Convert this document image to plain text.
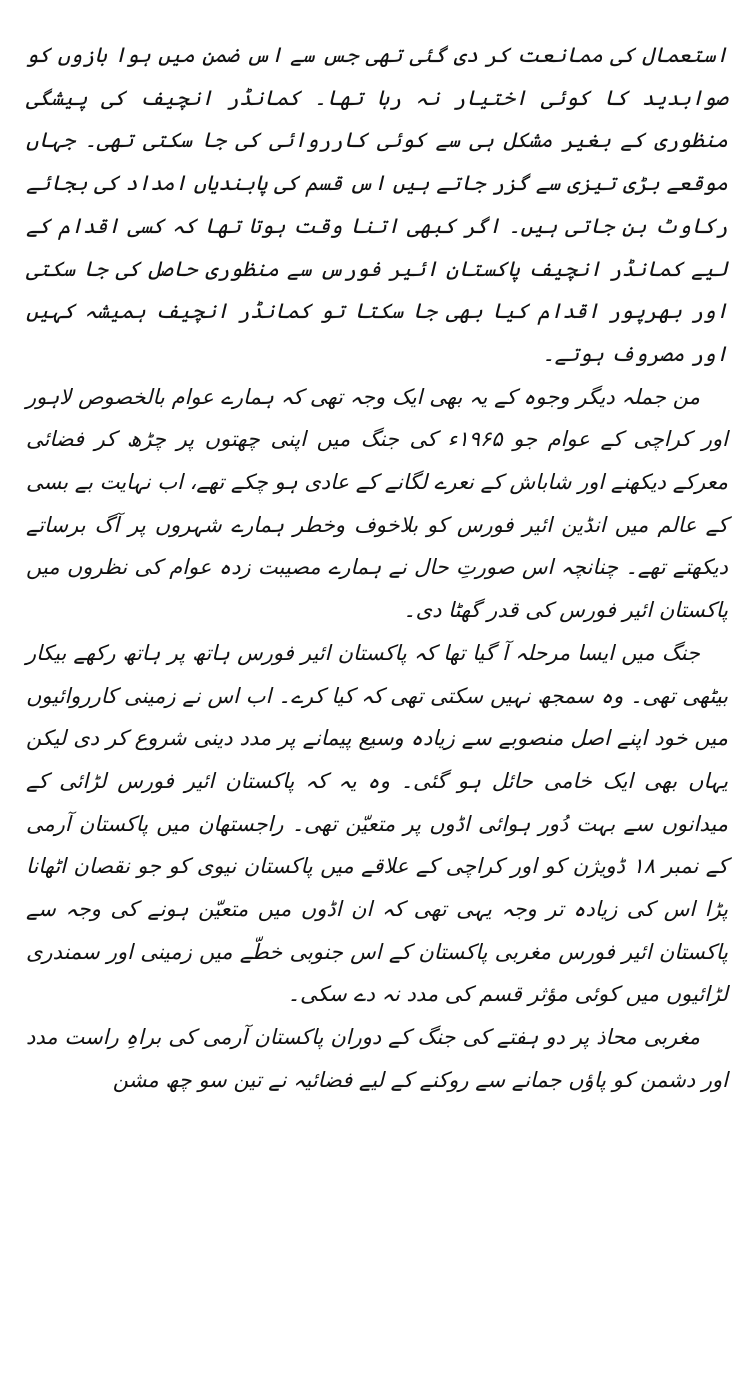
استعمال کی ممانعت کر دی گئی تھی جس سے اس ضمن میں ہوا بازوں کو صوابدید کا کوئی اختیار نہ رہا تھا۔ کمانڈر انچیف کی پیشگی منظوری کے بغیر مشکل ہی سے کوئی کارروائی کی جا سکتی تھی۔ جہاں موقعے بڑی تیزی سے گزر جاتے ہیں اس قسم کی پابندیاں امداد کی بجائے رکاوٹ بن جاتی ہیں۔ اگر کبھی اتنا وقت ہوتا تھا کہ کسی اقدام کے لیے کمانڈر انچیف پاکستان ائیر فورس سے منظوری حاصل کی جا سکتی اور بھرپور اقدام کیا بھی جا سکتا تو کمانڈر انچیف ہمیشہ کہیں اور مصروف ہوتے۔

من جملہ دیگر وجوہ کے یہ بھی ایک وجہ تھی کہ ہمارے عوام بالخصوص لاہور اور کراچی کے عوام جو ۱۹۶۵ء کی جنگ میں اپنی چھتوں پر چڑھ کر فضائی معرکے دیکھنے اور شاباش کے نعرے لگانے کے عادی ہو چکے تھے، اب نہایت بے بسی کے عالم میں انڈین ائیر فورس کو بلاخوف وخطر ہمارے شہروں پر آگ برساتے دیکھتے تھے۔ چنانچہ اس صورتِ حال نے ہمارے مصیبت زدہ عوام کی نظروں میں پاکستان ائیر فورس کی قدر گھٹا دی۔

جنگ میں ایسا مرحلہ آ گیا تھا کہ پاکستان ائیر فورس ہاتھ پر ہاتھ رکھے بیکار بیٹھی تھی۔ وہ سمجھ نہیں سکتی تھی کہ کیا کرے۔ اب اس نے زمینی کارروائیوں میں خود اپنے اصل منصوبے سے زیادہ وسیع پیمانے پر مدد دینی شروع کر دی لیکن یہاں بھی ایک خامی حائل ہو گئی۔ وہ یہ کہ پاکستان ائیر فورس لڑائی کے میدانوں سے بہت دُور ہوائی اڈوں پر متعیّن تھی۔ راجستھان میں پاکستان آرمی کے نمبر ۱۸ ڈویژن کو اور کراچی کے علاقے میں پاکستان نیوی کو جو نقصان اٹھانا پڑا اس کی زیادہ تر وجہ یہی تھی کہ ان اڈوں میں متعیّن ہونے کی وجہ سے پاکستان ائیر فورس مغربی پاکستان کے اس جنوبی خطّے میں زمینی اور سمندری لڑائیوں میں کوئی مؤثر قسم کی مدد نہ دے سکی۔

مغربی محاذ پر دو ہفتے کی جنگ کے دوران پاکستان آرمی کی براہِ راست مدد اور دشمن کو پاؤں جمانے سے روکنے کے لیے فضائیہ نے تین سو چھ مشن
